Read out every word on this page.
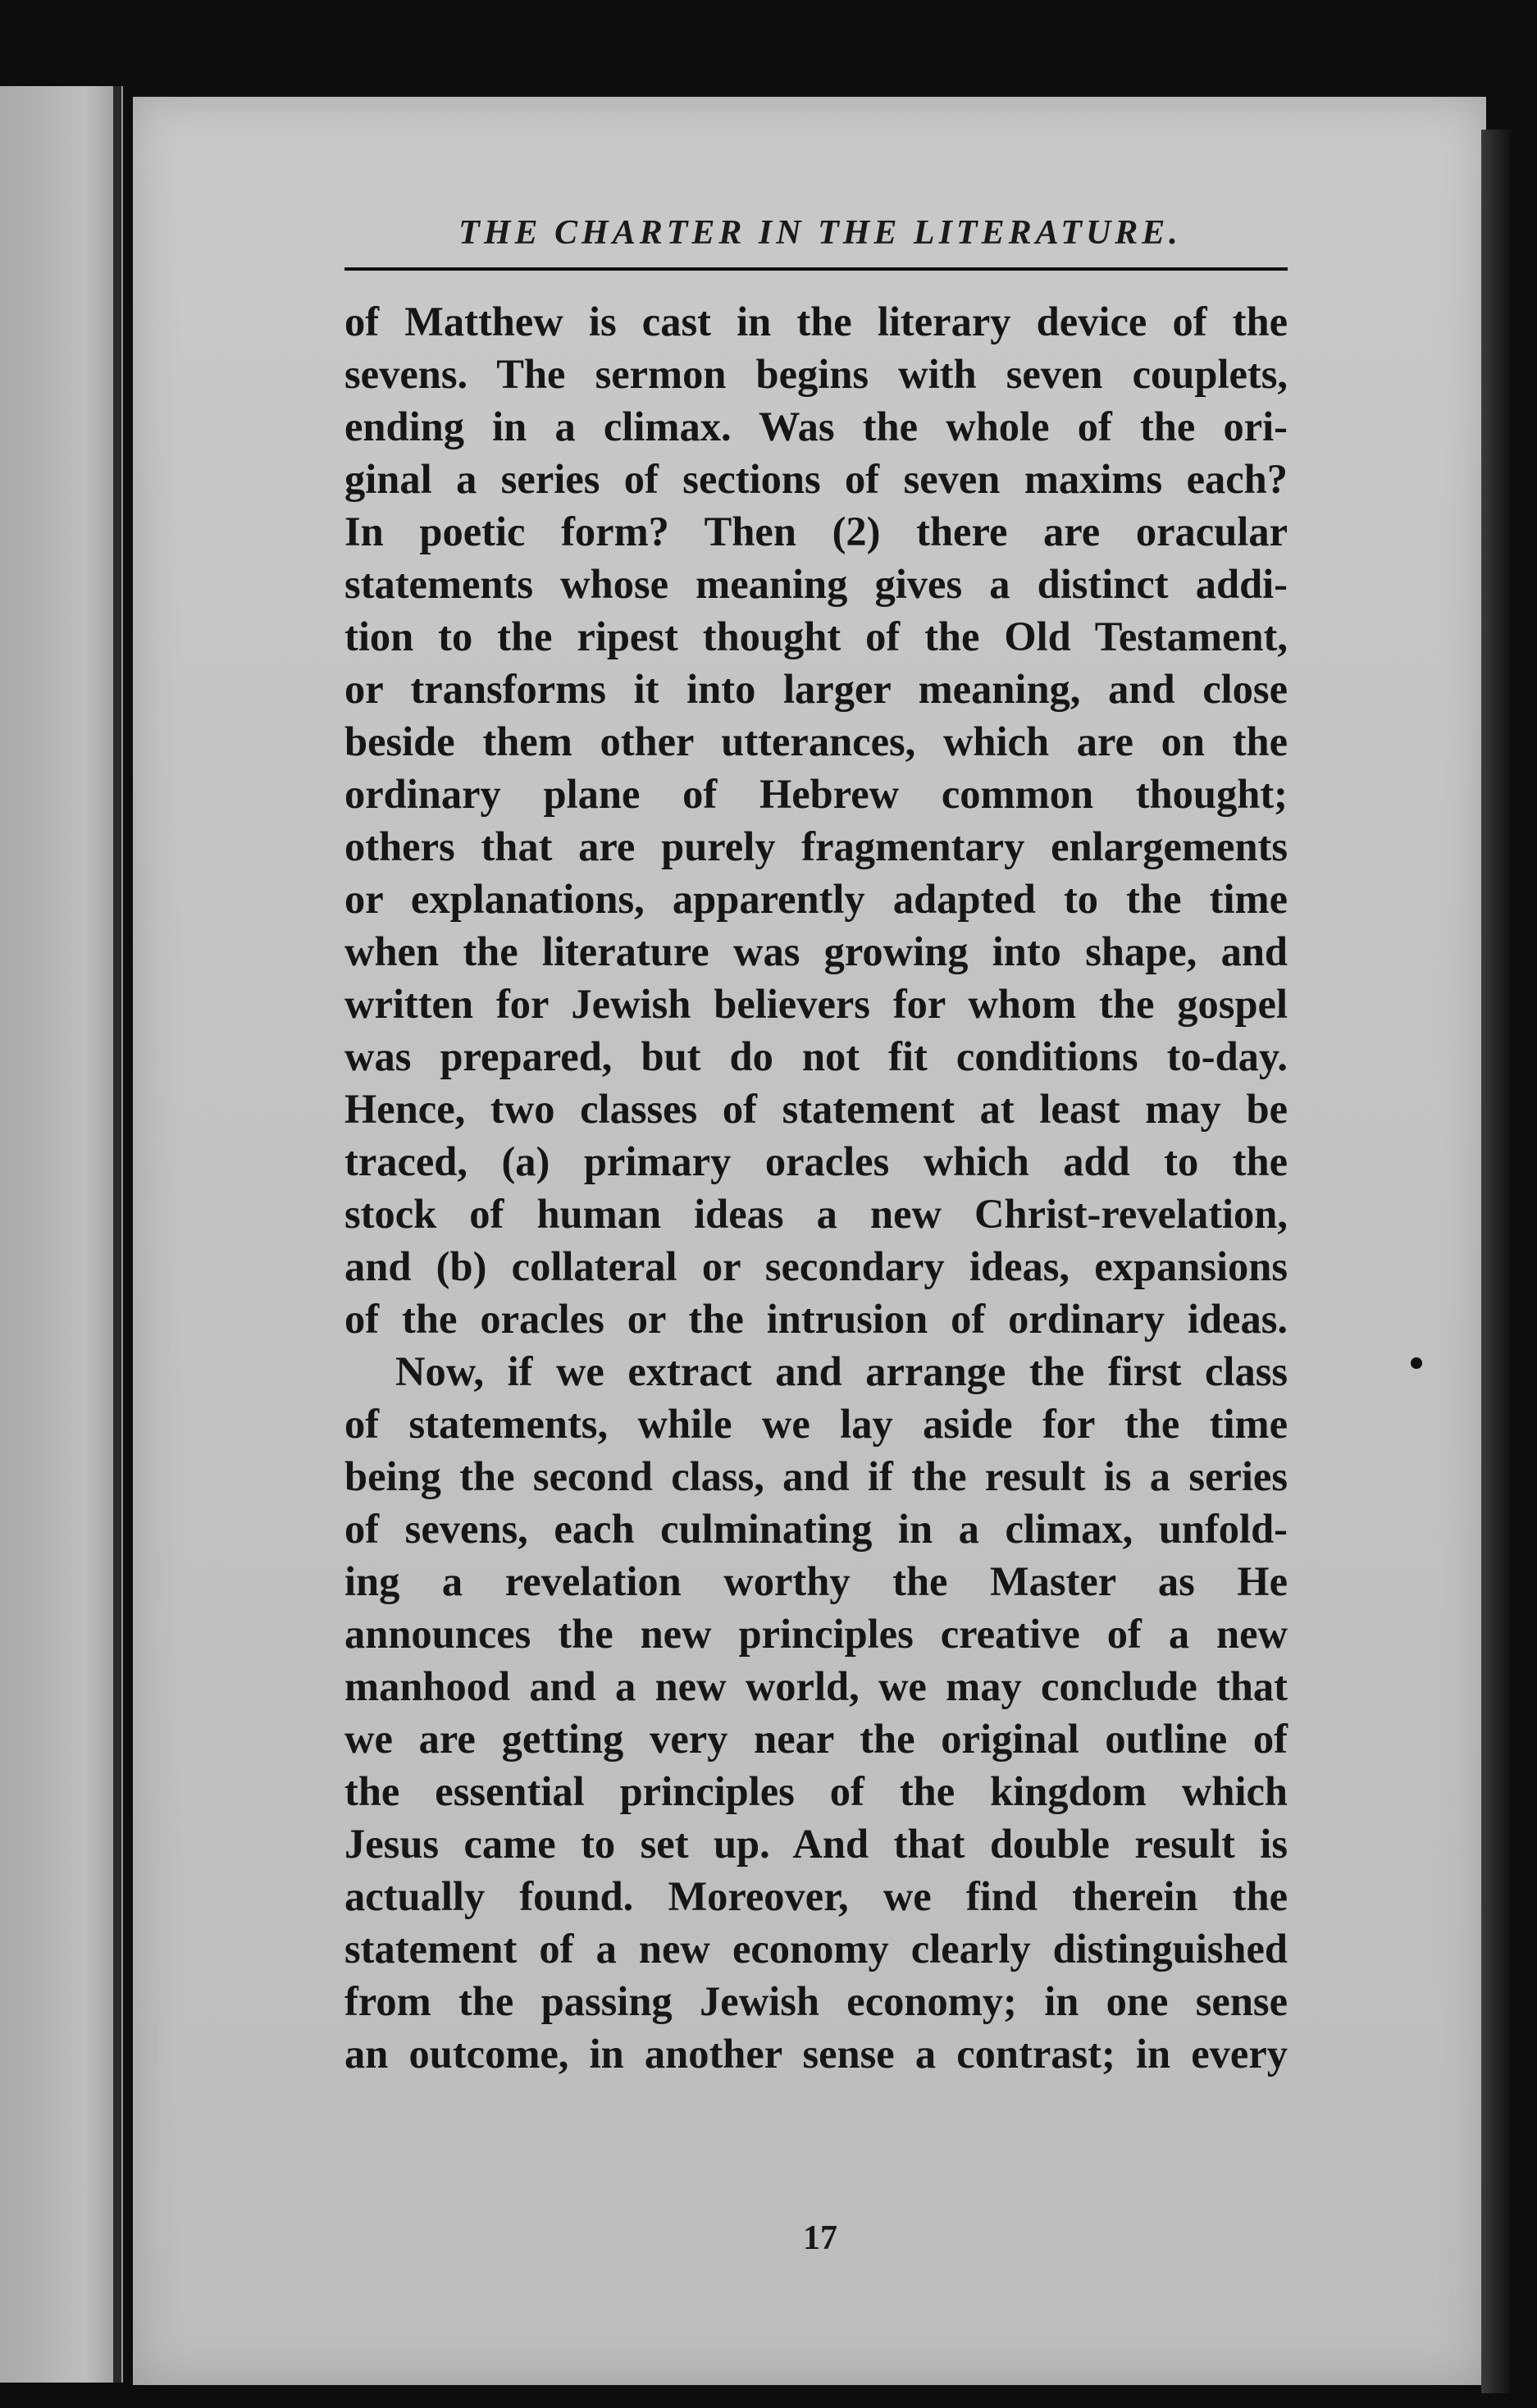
THE CHARTER IN THE LITERATURE.
of Matthew is cast in the literary device of the
sevens. The sermon begins with seven couplets,
ending in a climax. Was the whole of the ori-
ginal a series of sections of seven maxims each?
In poetic form? Then (2) there are oracular
statements whose meaning gives a distinct addi-
tion to the ripest thought of the Old Testament,
or transforms it into larger meaning, and close
beside them other utterances, which are on the
ordinary plane of Hebrew common thought;
others that are purely fragmentary enlargements
or explanations, apparently adapted to the time
when the literature was growing into shape, and
written for Jewish believers for whom the gospel
was prepared, but do not fit conditions to-day.
Hence, two classes of statement at least may be
traced, (a) primary oracles which add to the
stock of human ideas a new Christ-revelation,
and (b) collateral or secondary ideas, expansions
of the oracles or the intrusion of ordinary ideas.
Now, if we extract and arrange the first class
of statements, while we lay aside for the time
being the second class, and if the result is a series
of sevens, each culminating in a climax, unfold-
ing a revelation worthy the Master as He
announces the new principles creative of a new
manhood and a new world, we may conclude that
we are getting very near the original outline of
the essential principles of the kingdom which
Jesus came to set up. And that double result is
actually found. Moreover, we find therein the
statement of a new economy clearly distinguished
from the passing Jewish economy; in one sense
an outcome, in another sense a contrast; in every
17
